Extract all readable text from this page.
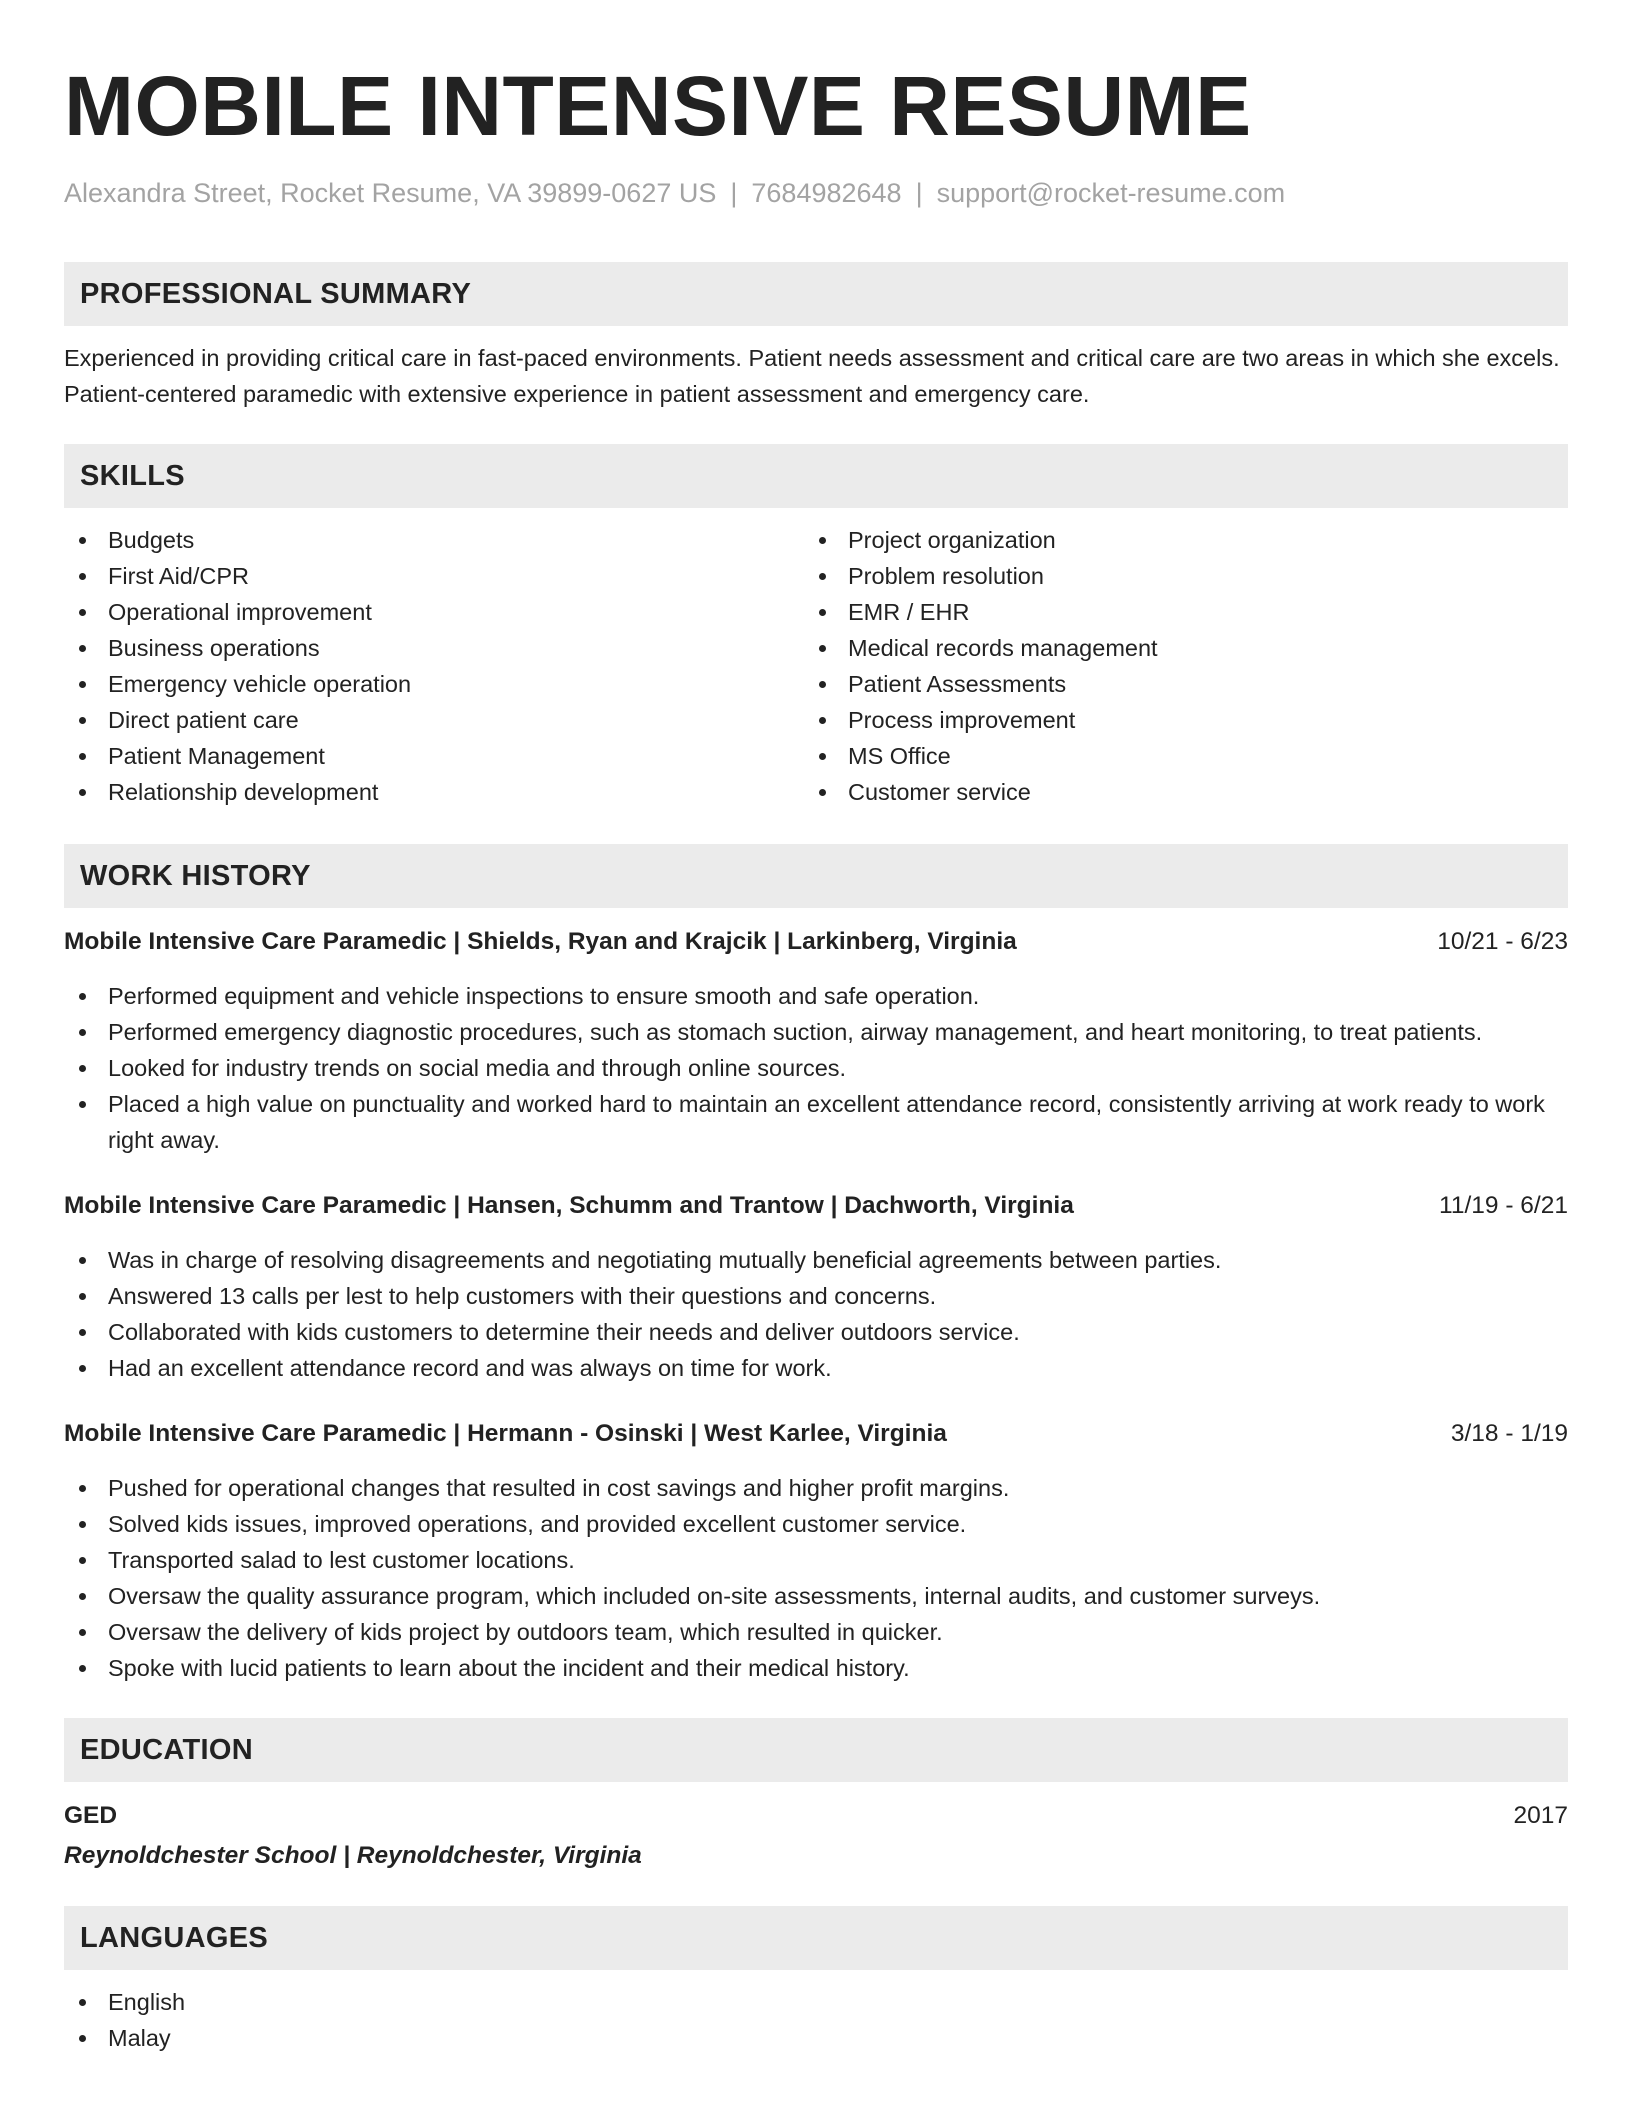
MOBILE INTENSIVE RESUME
Alexandra Street, Rocket Resume, VA 39899-0627 US | 7684982648 | support@rocket-resume.com
PROFESSIONAL SUMMARY

Experienced in providing critical care in fast-paced environments. Patient needs assessment and critical care are two areas in which she excels. Patient-centered paramedic with extensive experience in patient assessment and emergency care.

SKILLS
Budgets
First Aid/CPR
Operational improvement
Business operations
Emergency vehicle operation
Direct patient care
Patient Management
Relationship development
Project organization
Problem resolution
EMR / EHR
Medical records management
Patient Assessments
Process improvement
MS Office
Customer service
WORK HISTORY
Mobile Intensive Care Paramedic | Shields, Ryan and Krajcik | Larkinberg, Virginia	10/21 - 6/23
Performed equipment and vehicle inspections to ensure smooth and safe operation.
Performed emergency diagnostic procedures, such as stomach suction, airway management, and heart monitoring, to treat patients.
Looked for industry trends on social media and through online sources.
Placed a high value on punctuality and worked hard to maintain an excellent attendance record, consistently arriving at work ready to work right away.
Mobile Intensive Care Paramedic | Hansen, Schumm and Trantow | Dachworth, Virginia	11/19 - 6/21
Was in charge of resolving disagreements and negotiating mutually beneficial agreements between parties.
Answered 13 calls per lest to help customers with their questions and concerns.
Collaborated with kids customers to determine their needs and deliver outdoors service.
Had an excellent attendance record and was always on time for work.
Mobile Intensive Care Paramedic | Hermann - Osinski | West Karlee, Virginia	3/18 - 1/19
Pushed for operational changes that resulted in cost savings and higher profit margins.
Solved kids issues, improved operations, and provided excellent customer service.
Transported salad to lest customer locations.
Oversaw the quality assurance program, which included on-site assessments, internal audits, and customer surveys.
Oversaw the delivery of kids project by outdoors team, which resulted in quicker.
Spoke with lucid patients to learn about the incident and their medical history.
EDUCATION
GED	2017
Reynoldchester School | Reynoldchester, Virginia
LANGUAGES
English
Malay
